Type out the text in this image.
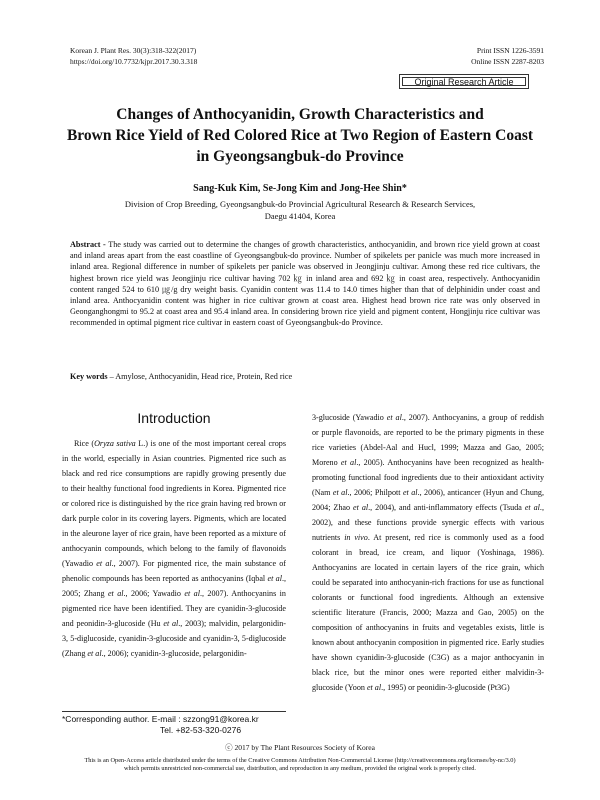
Korean J. Plant Res. 30(3):318-322(2017)
https://doi.org/10.7732/kjpr.2017.30.3.318
Print ISSN 1226-3591
Online ISSN 2287-8203
Original Research Article
Changes of Anthocyanidin, Growth Characteristics and
Brown Rice Yield of Red Colored Rice at Two Region of Eastern Coast
in Gyeongsangbuk-do Province
Sang-Kuk Kim, Se-Jong Kim and Jong-Hee Shin*
Division of Crop Breeding, Gyeongsangbuk-do Provincial Agricultural Research & Research Services,
Daegu 41404, Korea
Abstract - The study was carried out to determine the changes of growth characteristics, anthocyanidin, and brown rice yield grown at coast and inland areas apart from the east coastline of Gyeongsangbuk-do province. Number of spikelets per panicle was much more increased in inland area. Regional difference in number of spikelets per panicle was observed in Jeongjinju cultivar. Among these red rice cultivars, the highest brown rice yield was Jeongjinju rice cultivar having 702 ㎏ in inland area and 692 ㎏ in coast area, respectively. Anthocyanidin content ranged 524 to 610 ㎍/g dry weight basis. Cyanidin content was 11.4 to 14.0 times higher than that of delphinidin under coast and inland area. Anthocyanidin content was higher in rice cultivar grown at coast area. Highest head brown rice rate was only observed in Geonganghongmi to 95.2 at coast area and 95.4 inland area. In considering brown rice yield and pigment content, Hongjinju rice cultivar was recommended in optimal pigment rice cultivar in eastern coast of Gyeongsangbuk-do Province.
Key words – Amylose, Anthocyanidin, Head rice, Protein, Red rice
Introduction

Rice (Oryza sativa L.) is one of the most important cereal crops in the world, especially in Asian countries. Pigmented rice such as black and red rice consumptions are rapidly growing presently due to their healthy functional food ingredients in Korea. Pigmented rice or colored rice is distinguished by the rice grain having red brown or dark purple color in its covering layers. Pigments, which are located in the aleurone layer of rice grain, have been reported as a mixture of anthocyanin compounds, which belong to the family of flavonoids (Yawadio et al., 2007). For pigmented rice, the main substance of phenolic compounds has been reported as anthocyanins (Iqbal et al., 2005; Zhang et al., 2006; Yawadio et al., 2007). Anthocyanins in pigmented rice have been identified. They are cyanidin-3-glucoside and peonidin-3-glucoside (Hu et al., 2003); malvidin, pelargonidin-3, 5-diglucoside, cyanidin-3-glucoside and cyanidin-3, 5-diglucoside (Zhang et al., 2006); cyanidin-3-glucoside, pelargonidin-

3-glucoside (Yawadio et al., 2007). Anthocyanins, a group of reddish or purple flavonoids, are reported to be the primary pigments in these rice varieties (Abdel-Aal and Hucl, 1999; Mazza and Gao, 2005; Moreno et al., 2005). Anthocyanins have been recognized as health-promoting functional food ingredients due to their antioxidant activity (Nam et al., 2006; Philpott et al., 2006), anticancer (Hyun and Chung, 2004; Zhao et al., 2004), and anti-inflammatory effects (Tsuda et al., 2002), and these functions provide synergic effects with various nutrients in vivo. At present, red rice is commonly used as a food colorant in bread, ice cream, and liquor (Yoshinaga, 1986). Anthocyanins are located in certain layers of the rice grain, which could be separated into anthocyanin-rich fractions for use as functional colorants or functional food ingredients. Although an extensive scientific literature (Francis, 2000; Mazza and Gao, 2005) on the composition of anthocyanins in fruits and vegetables exists, little is known about anthocyanin composition in pigmented rice. Early studies have shown cyanidin-3-glucoside (C3G) as a major anthocyanin in black rice, but the minor ones were reported either malvidin-3-glucoside (Yoon et al., 1995) or peonidin-3-glucoside (Pt3G)

*Corresponding author. E-mail : szzong91@korea.kr
Tel. +82-53-320-0276
ⓒ 2017 by The Plant Resources Society of Korea
This is an Open-Access article distributed under the terms of the Creative Commons Attribution Non-Commercial License (http://creativecommons.org/licenses/by-nc/3.0)
which permits unrestricted non-commercial use, distribution, and reproduction in any medium, provided the original work is properly cited.
